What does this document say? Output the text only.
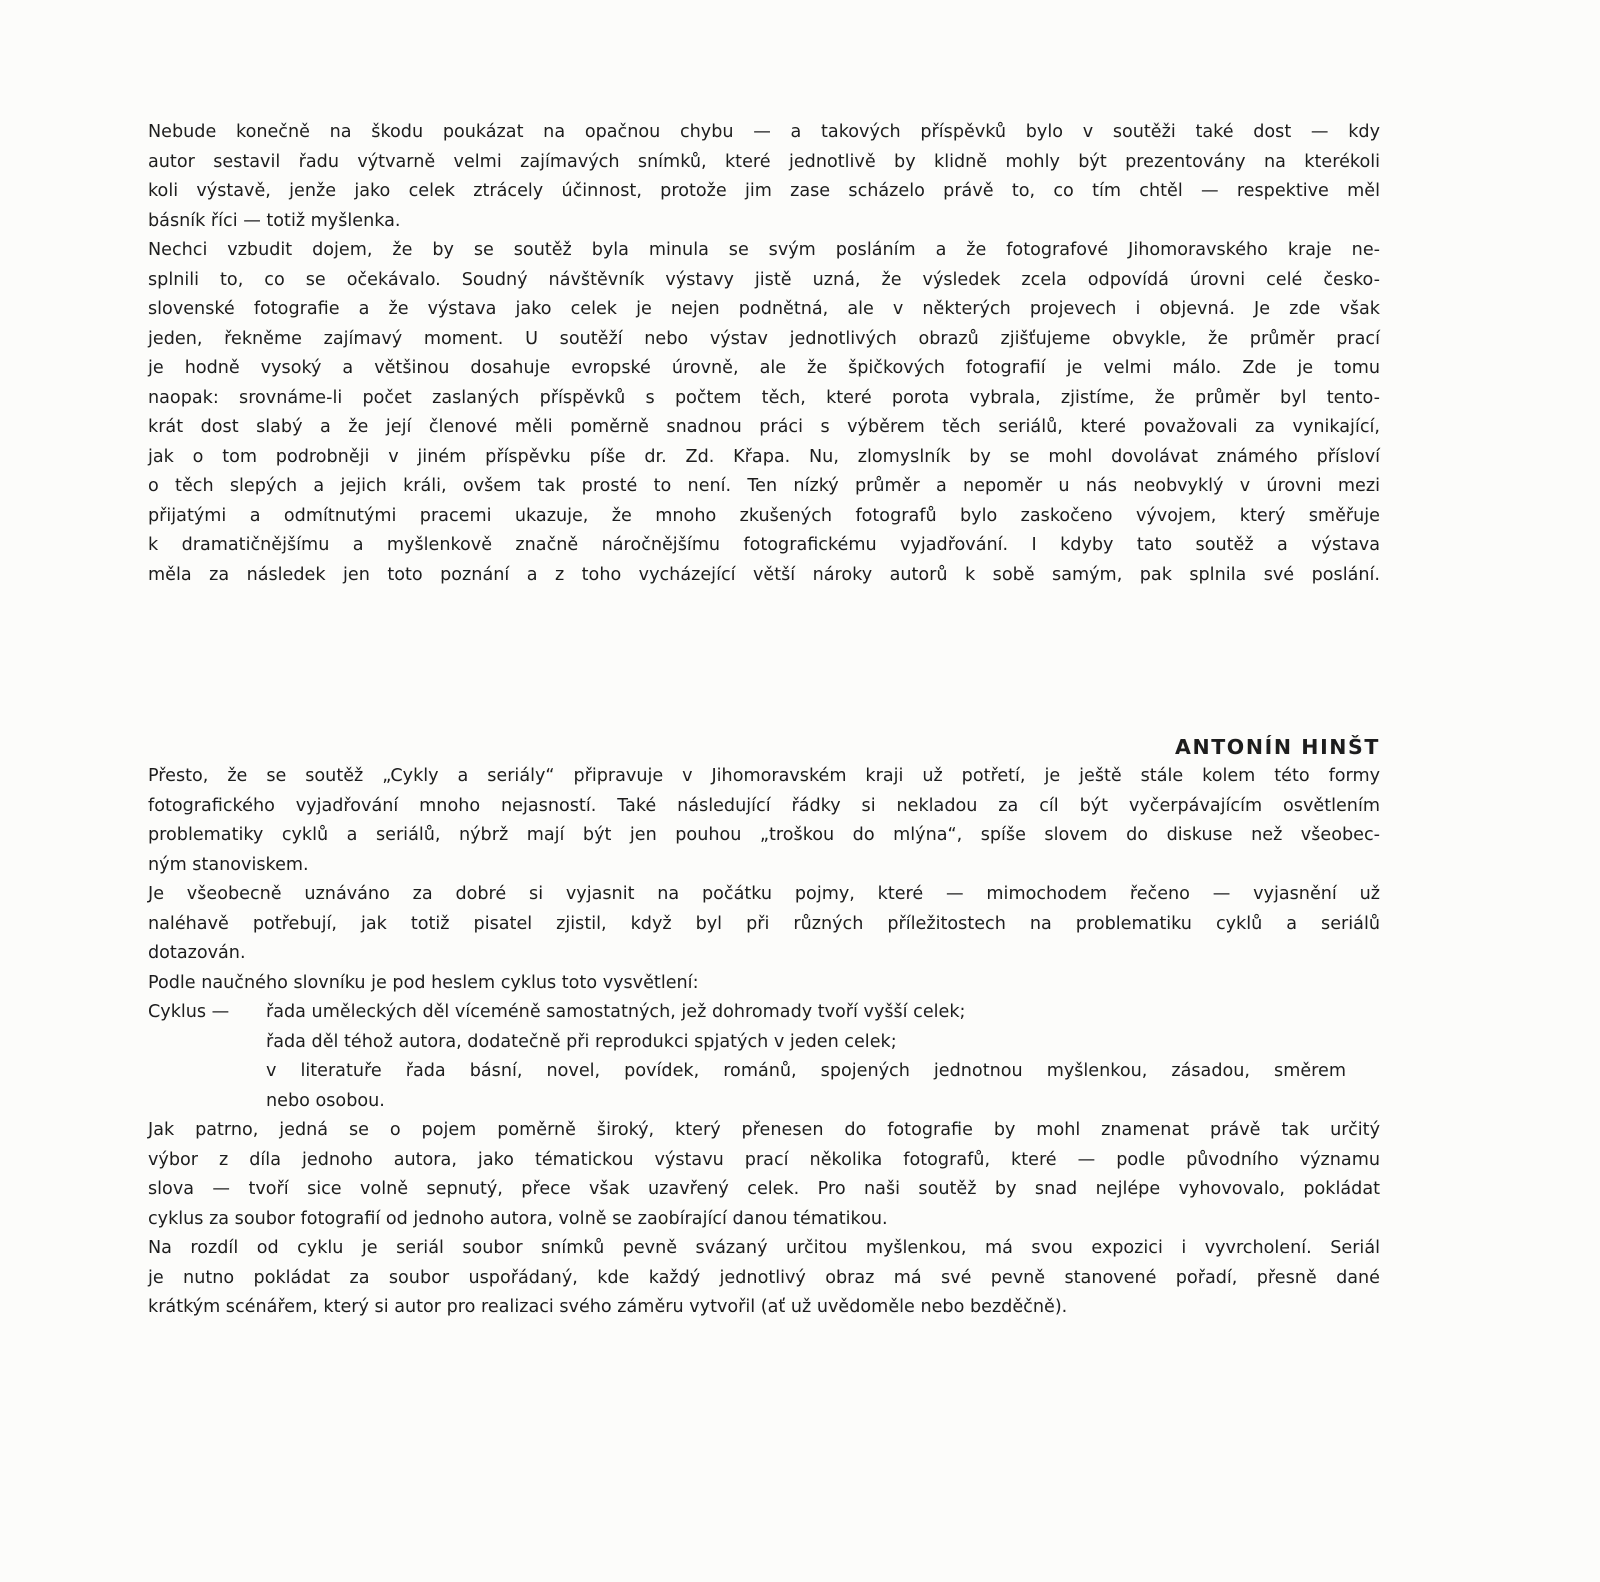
Nebude konečně na škodu poukázat na opačnou chybu — a takových příspěvků bylo v soutěži také dost — kdy
autor sestavil řadu výtvarně velmi zajímavých snímků, které jednotlivě by klidně mohly být prezentovány na kterékoli
koli výstavě, jenže jako celek ztrácely účinnost, protože jim zase scházelo právě to, co tím chtěl — respektive měl
básník říci — totiž myšlenka.
Nechci vzbudit dojem, že by se soutěž byla minula se svým posláním a že fotografové Jihomoravského kraje ne-
splnili to, co se očekávalo. Soudný návštěvník výstavy jistě uzná, že výsledek zcela odpovídá úrovni celé česko-
slovenské fotografie a že výstava jako celek je nejen podnětná, ale v některých projevech i objevná. Je zde však
jeden, řekněme zajímavý moment. U soutěží nebo výstav jednotlivých obrazů zjišťujeme obvykle, že průměr prací
je hodně vysoký a většinou dosahuje evropské úrovně, ale že špičkových fotografií je velmi málo. Zde je tomu
naopak: srovnáme-li počet zaslaných příspěvků s počtem těch, které porota vybrala, zjistíme, že průměr byl tento-
krát dost slabý a že její členové měli poměrně snadnou práci s výběrem těch seriálů, které považovali za vynikající,
jak o tom podrobněji v jiném příspěvku píše dr. Zd. Křapa. Nu, zlomyslník by se mohl dovolávat známého přísloví
o těch slepých a jejich králi, ovšem tak prosté to není. Ten nízký průměr a nepoměr u nás neobvyklý v úrovni mezi
přijatými a odmítnutými pracemi ukazuje, že mnoho zkušených fotografů bylo zaskočeno vývojem, který směřuje
k dramatičnějšímu a myšlenkově značně náročnějšímu fotografickému vyjadřování. I kdyby tato soutěž a výstava
měla za následek jen toto poznání a z toho vycházející větší nároky autorů k sobě samým, pak splnila své poslání.
ANTONÍN HINŠT
Přesto, že se soutěž „Cykly a seriály“ připravuje v Jihomoravském kraji už potřetí, je ještě stále kolem této formy
fotografického vyjadřování mnoho nejasností. Také následující řádky si nekladou za cíl být vyčerpávajícím osvětlením
problematiky cyklů a seriálů, nýbrž mají být jen pouhou „troškou do mlýna“, spíše slovem do diskuse než všeobec-
ným stanoviskem.
Je všeobecně uznáváno za dobré si vyjasnit na počátku pojmy, které — mimochodem řečeno — vyjasnění už
naléhavě potřebují, jak totiž pisatel zjistil, když byl při různých příležitostech na problematiku cyklů a seriálů
dotazován.
Podle naučného slovníku je pod heslem cyklus toto vysvětlení:
Cyklus — řada uměleckých děl víceméně samostatných, jež dohromady tvoří vyšší celek;
řada děl téhož autora, dodatečně při reprodukci spjatých v jeden celek;
v literatuře řada básní, novel, povídek, románů, spojených jednotnou myšlenkou, zásadou, směrem
nebo osobou.
Jak patrno, jedná se o pojem poměrně široký, který přenesen do fotografie by mohl znamenat právě tak určitý
výbor z díla jednoho autora, jako tématickou výstavu prací několika fotografů, které — podle původního významu
slova — tvoří sice volně sepnutý, přece však uzavřený celek. Pro naši soutěž by snad nejlépe vyhovovalo, pokládat
cyklus za soubor fotografií od jednoho autora, volně se zaobírající danou tématikou.
Na rozdíl od cyklu je seriál soubor snímků pevně svázaný určitou myšlenkou, má svou expozici i vyvrcholení. Seriál
je nutno pokládat za soubor uspořádaný, kde každý jednotlivý obraz má své pevně stanovené pořadí, přesně dané
krátkým scénářem, který si autor pro realizaci svého záměru vytvořil (ať už uvědoměle nebo bezděčně).
